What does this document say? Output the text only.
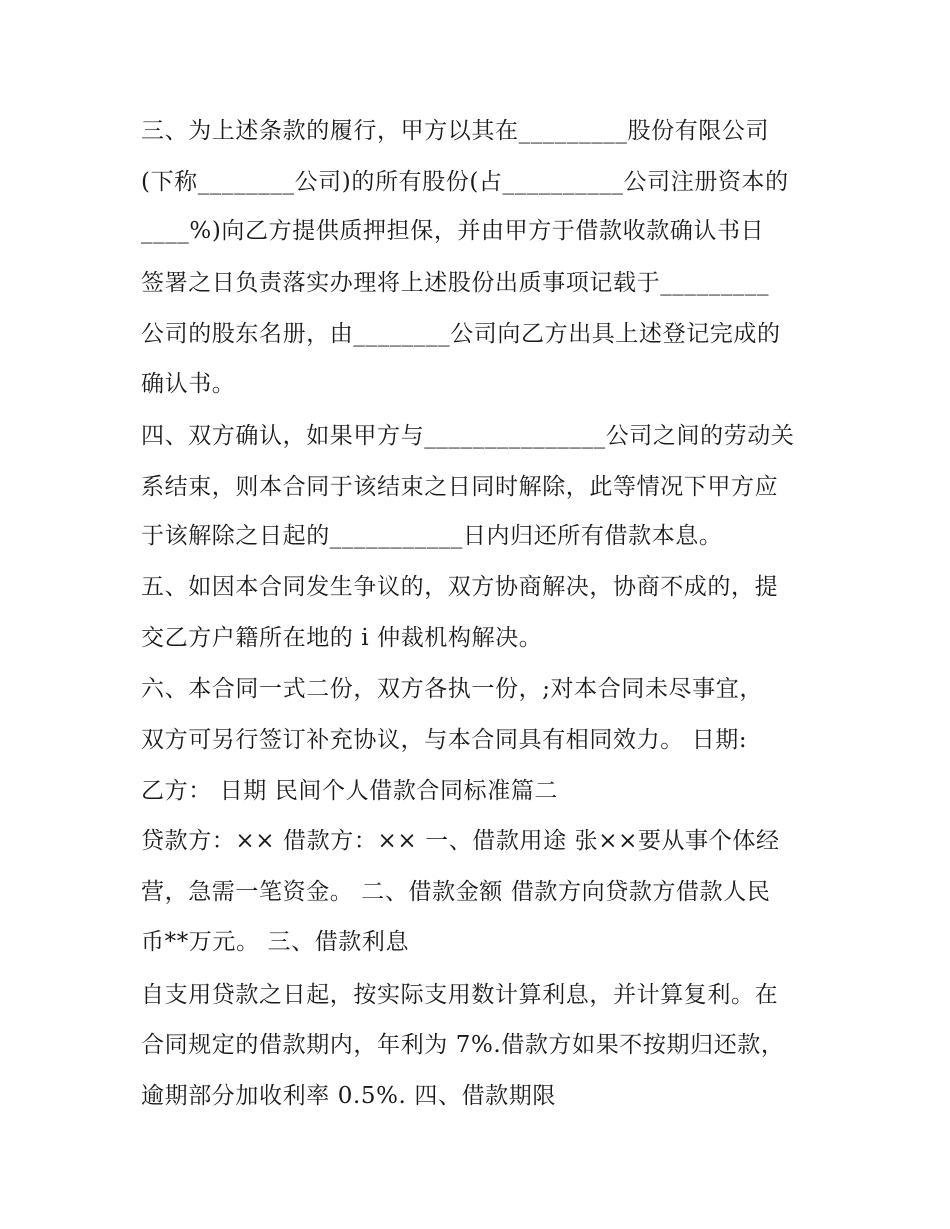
三、为上述条款的履行，甲方以其在_________股份有限公司
(下称________公司)的所有股份(占__________公司注册资本的
____%)向乙方提供质押担保，并由甲方于借款收款确认书日
签署之日负责落实办理将上述股份出质事项记载于_________
公司的股东名册，由________公司向乙方出具上述登记完成的
确认书。
四、双方确认，如果甲方与_______________公司之间的劳动关
系结束，则本合同于该结束之日同时解除，此等情况下甲方应
于该解除之日起的___________日内归还所有借款本息。
五、如因本合同发生争议的，双方协商解决，协商不成的，提
交乙方户籍所在地的 i 仲裁机构解决。
六、本合同一式二份，双方各执一份，;对本合同未尽事宜，
双方可另行签订补充协议，与本合同具有相同效力。 日期:
乙方： 日期 民间个人借款合同标准篇二
贷款方：×× 借款方：×× 一、借款用途 张××要从事个体经
营，急需一笔资金。 二、借款金额 借款方向贷款方借款人民
币**万元。 三、借款利息
自支用贷款之日起，按实际支用数计算利息，并计算复利。在
合同规定的借款期内，年利为 7%.借款方如果不按期归还款，
逾期部分加收利率 0.5%. 四、借款期限
